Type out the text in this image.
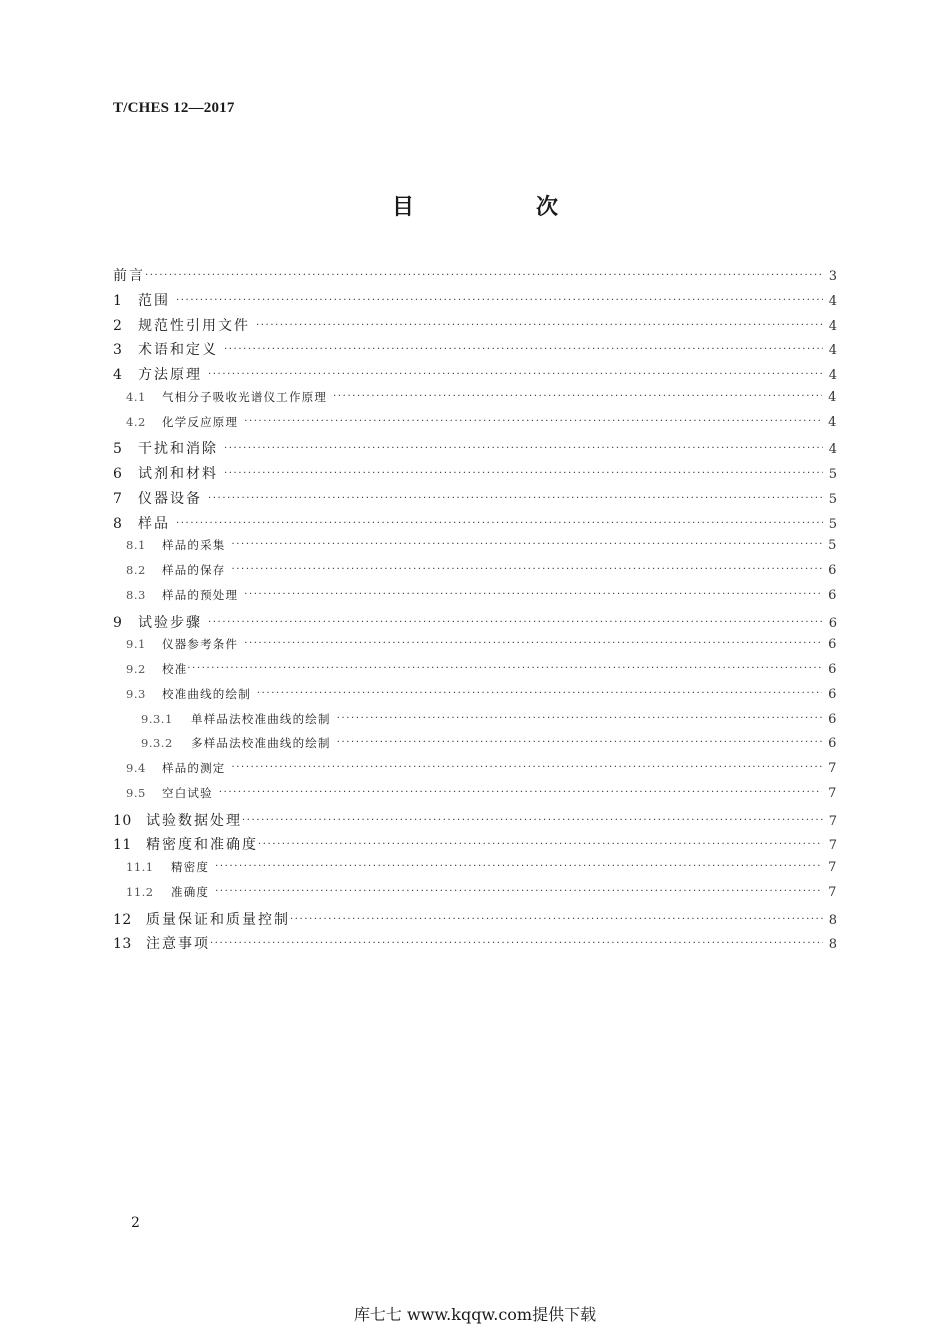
T/CHES 12—2017
目　次
前言 ·····	3
1	范围 ·····	4
2	规范性引用文件 ·····	4
3	术语和定义 ·····	4
4	方法原理 ·····	4
4.1	气相分子吸收光谱仪工作原理 ·····	4
4.2	化学反应原理 ·····	4
5	干扰和消除 ·····	4
6	试剂和材料 ·····	5
7	仪器设备 ·····	5
8	样品 ·····	5
8.1	样品的采集 ·····	5
8.2	样品的保存 ·····	6
8.3	样品的预处理 ·····	6
9	试验步骤 ·····	6
9.1	仪器参考条件 ·····	6
9.2	校准 ·····	6
9.3	校准曲线的绘制 ·····	6
9.3.1	单样品法校准曲线的绘制 ·····	6
9.3.2	多样品法校准曲线的绘制 ·····	6
9.4	样品的测定 ·····	7
9.5	空白试验 ·····	7
10	试验数据处理 ·····	7
11	精密度和准确度 ·····	7
11.1	精密度 ·····	7
11.2	准确度 ·····	7
12	质量保证和质量控制 ·····	8
13	注意事项 ·····	8
2
库七七 www.kqqw.com提供下载
